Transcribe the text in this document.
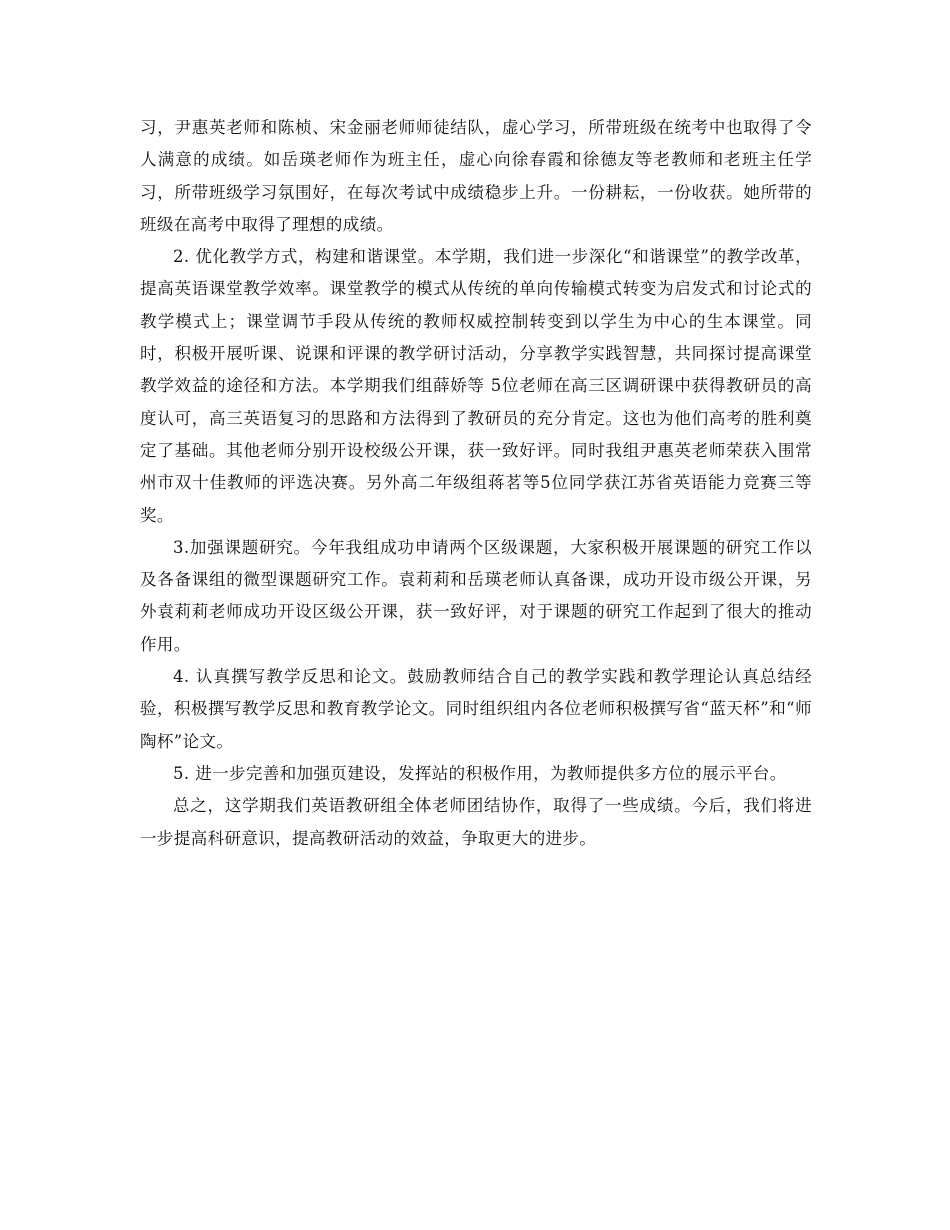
习，尹惠英老师和陈桢、宋金丽老师师徒结队，虚心学习，所带班级在统考中也取得了令人满意的成绩。如岳瑛老师作为班主任，虚心向徐春霞和徐德友等老教师和老班主任学习，所带班级学习氛围好，在每次考试中成绩稳步上升。一份耕耘，一份收获。她所带的班级在高考中取得了理想的成绩。

2. 优化教学方式，构建和谐课堂。本学期，我们进一步深化“和谐课堂”的教学改革，提高英语课堂教学效率。课堂教学的模式从传统的单向传输模式转变为启发式和讨论式的教学模式上；课堂调节手段从传统的教师权威控制转变到以学生为中心的生本课堂。同时，积极开展听课、说课和评课的教学研讨活动，分享教学实践智慧，共同探讨提高课堂教学效益的途径和方法。本学期我们组薛娇等 5位老师在高三区调研课中获得教研员的高度认可，高三英语复习的思路和方法得到了教研员的充分肯定。这也为他们高考的胜利奠定了基础。其他老师分别开设校级公开课，获一致好评。同时我组尹惠英老师荣获入围常州市双十佳教师的评选决赛。另外高二年级组蒋茗等5位同学获江苏省英语能力竞赛三等奖。

3.加强课题研究。今年我组成功申请两个区级课题，大家积极开展课题的研究工作以及各备课组的微型课题研究工作。袁莉莉和岳瑛老师认真备课，成功开设市级公开课，另外袁莉莉老师成功开设区级公开课，获一致好评，对于课题的研究工作起到了很大的推动作用。

4. 认真撰写教学反思和论文。鼓励教师结合自己的教学实践和教学理论认真总结经验，积极撰写教学反思和教育教学论文。同时组织组内各位老师积极撰写省“蓝天杯”和“师陶杯”论文。

5. 进一步完善和加强页建设，发挥站的积极作用，为教师提供多方位的展示平台。

总之，这学期我们英语教研组全体老师团结协作，取得了一些成绩。今后，我们将进一步提高科研意识，提高教研活动的效益，争取更大的进步。
